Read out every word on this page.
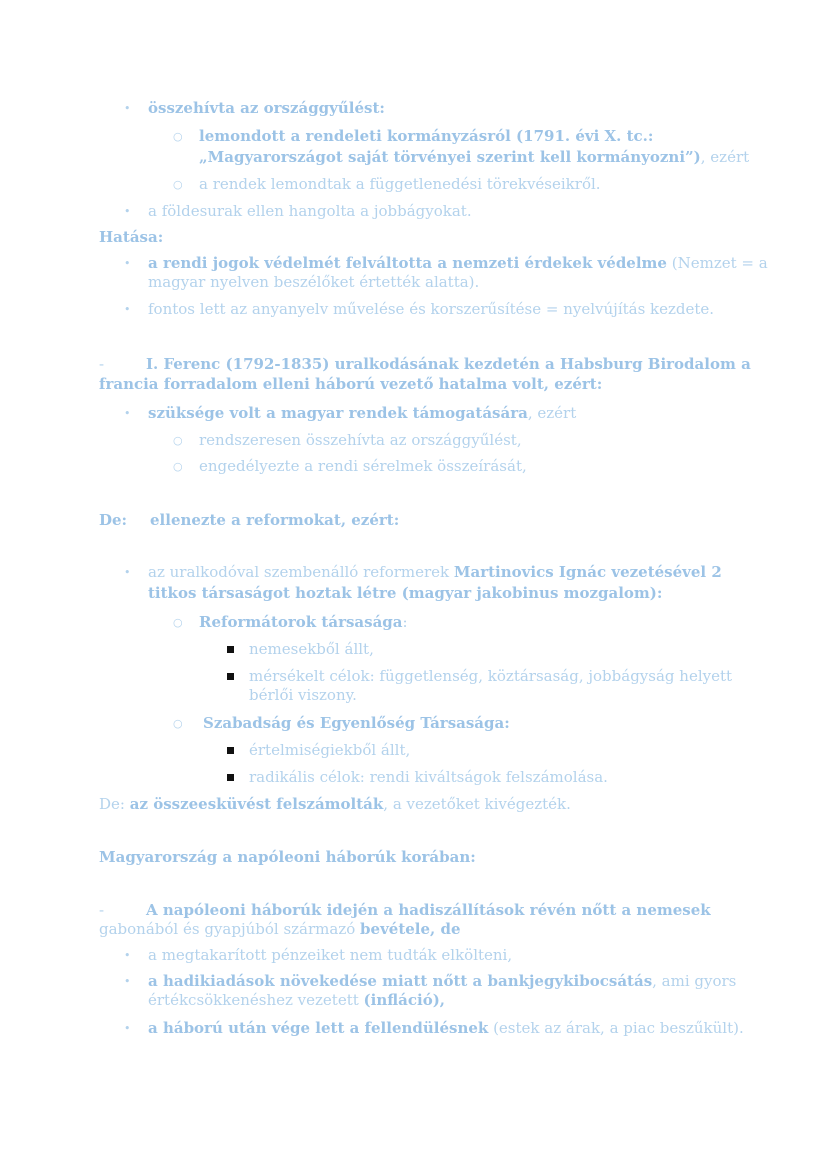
• összehívta az országgyűlést:
○ lemondott a rendeleti kormányzásról (1791. évi X. tc.:
„Magyarországot saját törvényei szerint kell kormányozni”), ezért
○ a rendek lemondtak a függetlenedési törekvéseikről.
• a földesurak ellen hangolta a jobbágyokat.
Hatása:
• a rendi jogok védelmét felváltotta a nemzeti érdekek védelme (Nemzet = a
magyar nyelven beszélőket értették alatta).
• fontos lett az anyanyelv művelése és korszerűsítése = nyelvújítás kezdete.
-	I. Ferenc (1792-1835) uralkodásának kezdetén a Habsburg Birodalom a
francia forradalom elleni háború vezető hatalma volt, ezért:
• szüksége volt a magyar rendek támogatására, ezért
○ rendszeresen összehívta az országgyűlést,
○ engedélyezte a rendi sérelmek összeírását,
De: ellenezte a reformokat, ezért:
• az uralkodóval szembenálló reformerek Martinovics Ignác vezetésével 2
titkos társaságot hoztak létre (magyar jakobinus mozgalom):
○ Reformátorok társasága:
nemesekből állt,
mérsékelt célok: függetlenség, köztársaság, jobbágyság helyett
bérlői viszony.
○ Szabadság és Egyenlőség Társasága:
értelmiségiekből állt,
radikális célok: rendi kiváltságok felszámolása.
De: az összeesküvést felszámolták, a vezetőket kivégezték.
Magyarország a napóleoni háborúk korában:
-	A napóleoni háborúk idején a hadiszállítások révén nőtt a nemesek
gabonából és gyapjúból származó bevétele, de
• a megtakarított pénzeiket nem tudták elkölteni,
• a hadikiadások növekedése miatt nőtt a bankjegykibocsátás, ami gyors
értékcsökkenéshez vezetett (infláció),
• a háború után vége lett a fellendülésnek (estek az árak, a piac beszűkült).
